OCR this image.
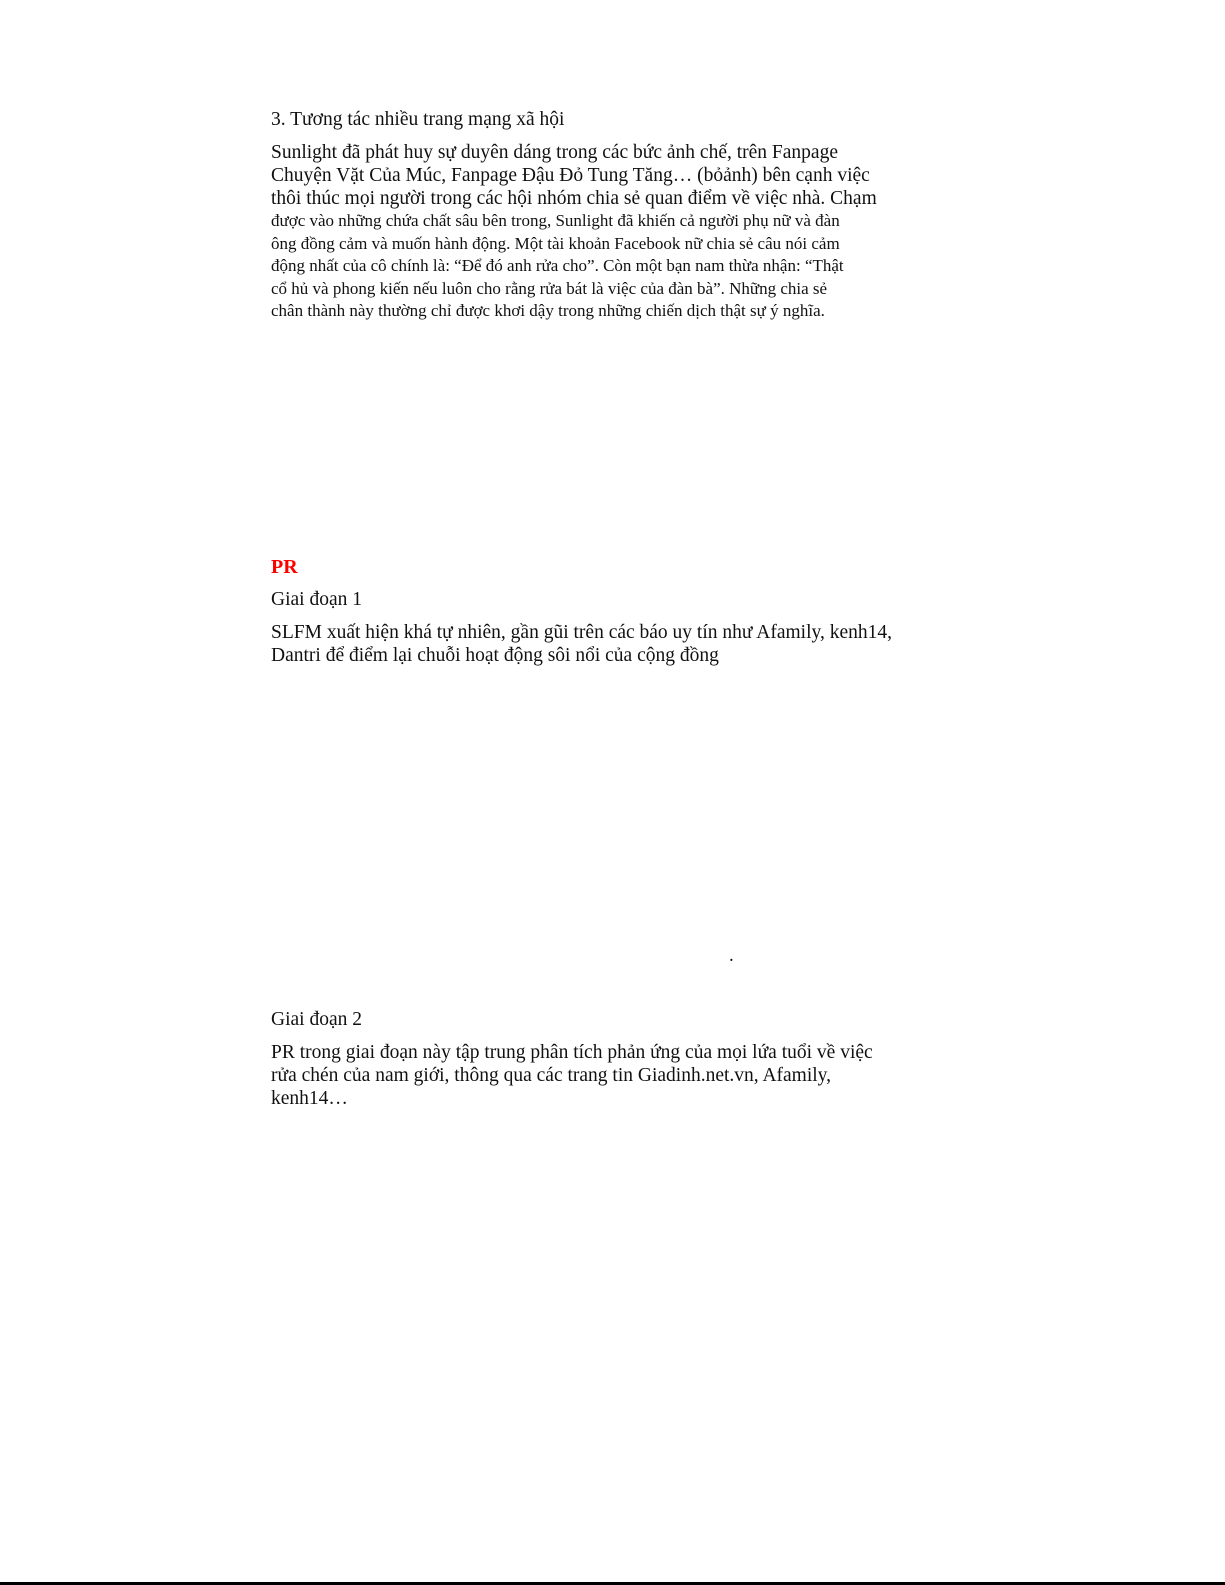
3. Tương tác nhiều trang mạng xã hội

Sunlight đã phát huy sự duyên dáng trong các bức ảnh chế, trên Fanpage
Chuyện Vặt Của Múc, Fanpage Đậu Đỏ Tung Tăng… (bỏảnh) bên cạnh việc
thôi thúc mọi người trong các hội nhóm chia sẻ quan điểm về việc nhà. Chạm
được vào những chứa chất sâu bên trong, Sunlight đã khiến cả người phụ nữ và đàn
ông đồng cảm và muốn hành động. Một tài khoản Facebook nữ chia sẻ câu nói cảm
động nhất của cô chính là: “Để đó anh rửa cho”. Còn một bạn nam thừa nhận: “Thật
cổ hủ và phong kiến nếu luôn cho rằng rửa bát là việc của đàn bà”. Những chia sẻ
chân thành này thường chỉ được khơi dậy trong những chiến dịch thật sự ý nghĩa.

PR

Giai đoạn 1

SLFM xuất hiện khá tự nhiên, gần gũi trên các báo uy tín như Afamily, kenh14,
Dantri để điểm lại chuỗi hoạt động sôi nổi của cộng đồng
.

Giai đoạn 2

PR trong giai đoạn này tập trung phân tích phản ứng của mọi lứa tuổi về việc
rửa chén của nam giới, thông qua các trang tin Giadinh.net.vn, Afamily,
kenh14…
